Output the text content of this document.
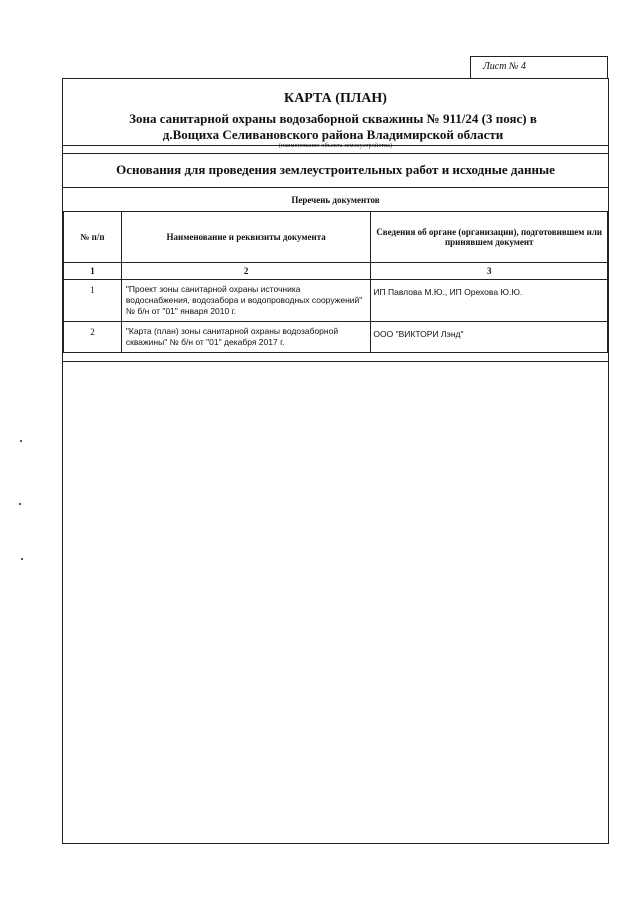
Лист № 4
КАРТА (ПЛАН)
Зона санитарной охраны водозаборной скважины № 911/24 (3 пояс) в
д.Вощиха Селивановского района Владимирской области
(наименование объекта землеустройства)
Основания для проведения землеустроительных работ и исходные данные
Перечень документов
№ п/п	Наименование и реквизиты документа	Сведения об органе (организации), подготовившем или принявшем документ
1	2	3
1	"Проект зоны санитарной охраны источника водоснабжения, водозабора и водопроводных сооружений" № б/н от "01" января 2010 г.	ИП Павлова М.Ю., ИП Орехова Ю.Ю.
2	"Карта (план) зоны санитарной охраны водозаборной скважины" № б/н от "01" декабря 2017 г.	ООО "ВИКТОРИ Лэнд"
